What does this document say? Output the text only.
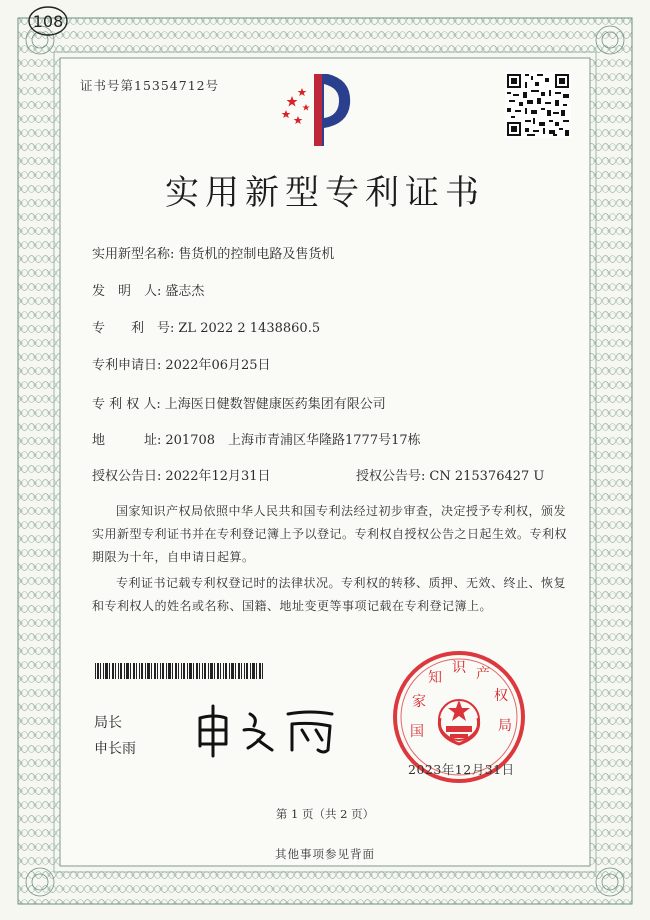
108
证书号第15354712号
实用新型专利证书
实用新型名称: 售货机的控制电路及售货机
发　明　人: 盛志杰
专　　利　号: ZL 2022 2 1438860.5
专利申请日: 2022年06月25日
专 利 权 人: 上海医日健数智健康医药集团有限公司
地　　　址: 201708　上海市青浦区华隆路1777号17栋
授权公告日: 2022年12月31日	授权公告号: CN 215376427 U
国家知识产权局依照中华人民共和国专利法经过初步审查，决定授予专利权，颁发实用新型专利证书并在专利登记簿上予以登记。专利权自授权公告之日起生效。专利权期限为十年，自申请日起算。
专利证书记载专利权登记时的法律状况。专利权的转移、质押、无效、终止、恢复和专利权人的姓名或名称、国籍、地址变更等事项记载在专利登记簿上。
局长
申长雨
国 家 知 识 产 权 局
2023年12月31日
第 1 页（共 2 页）
其他事项参见背面
